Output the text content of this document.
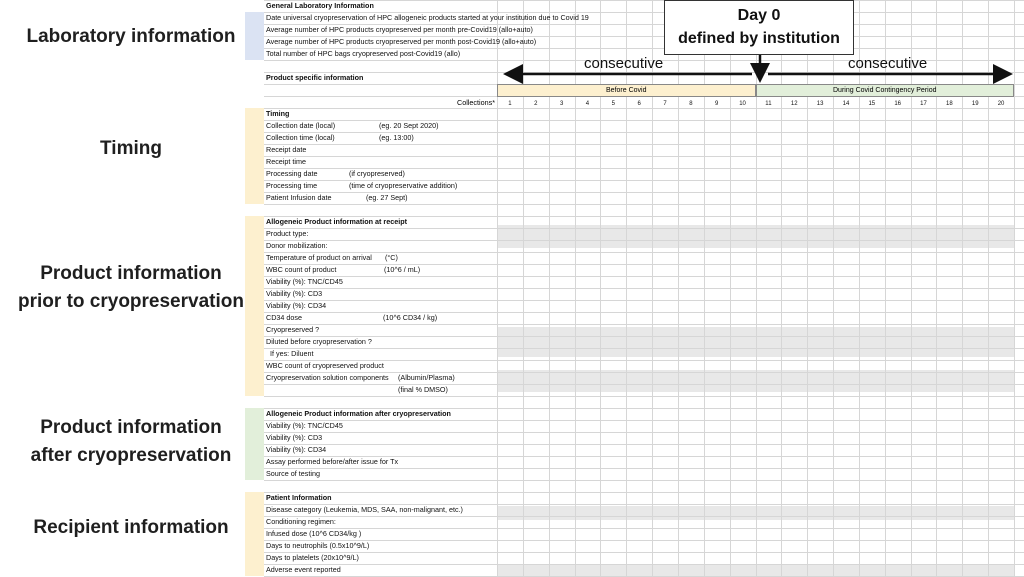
Laboratory information
Timing
Product information
prior to cryopreservation
Product information
after cryopreservation
Recipient information
Before Covid	During Covid Contingency Period
Collections*	1	2	3	4	5	6	7	8	9	10	11	12	13	14	15	16	17	18	19	20
General Laboratory Information
Date universal cryopreservation of HPC allogeneic products started at your institution due to Covid 19
Average number of HPC products cryopreserved per month pre-Covid19 (allo+auto)
Average number of HPC products cryopreserved per month post-Covid19 (allo+auto)
Total number of HPC bags cryopreserved post-Covid19 (allo)
Product specific information
Timing
Collection date (local)	(eg. 20 Sept 2020)
Collection time (local)	(eg. 13:00)
Receipt date
Receipt time
Processing date	(if cryopreserved)
Processing time	(time of cryopreservative addition)
Patient Infusion date	(eg. 27 Sept)
Allogeneic Product information at receipt
Product type:
Donor mobilization:
Temperature of product on arrival (°C)
WBC count of product	(10^6 / mL)
Viability (%): TNC/CD45
Viability (%): CD3
Viability (%): CD34
CD34 dose	(10^6 CD34 / kg)
Cryopreserved ?
Diluted before cryopreservation ?
If yes: Diluent
WBC count of cryopreserved product
Cryopreservation solution components (Albumin/Plasma)
(final % DMSO)
Allogeneic Product information after cryopreservation
Viability (%): TNC/CD45
Viability (%): CD3
Viability (%): CD34
Assay performed before/after issue for Tx
Source of testing
Patient Information
Disease category (Leukemia, MDS, SAA, non-malignant, etc.)
Conditioning regimen:
Infused dose (10^6 CD34/kg )
Days to neutrophils (0.5x10^9/L)
Days to platelets (20x10^9/L)
Adverse event reported
Day 0
defined by institution
consecutive	consecutive
